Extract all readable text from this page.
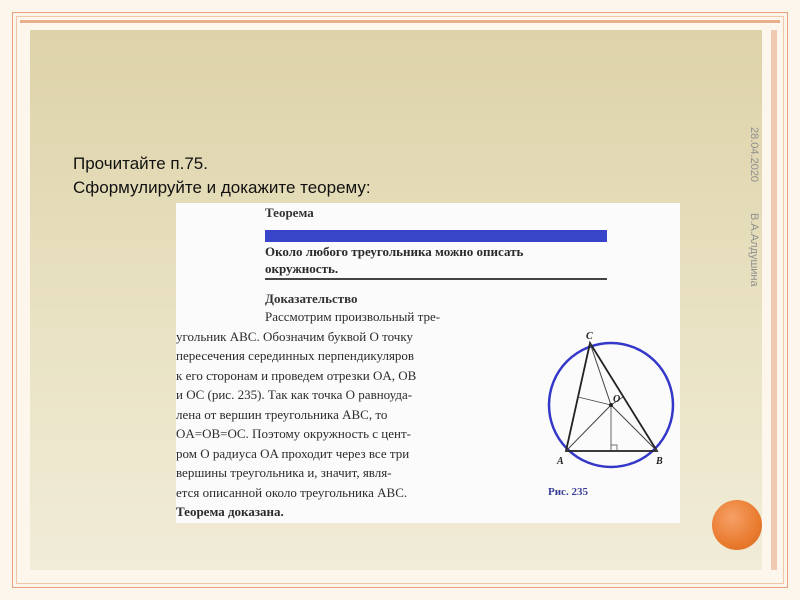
28.04.2020
В.А.Алдушина
Прочитайте п.75.
Сформулируйте и докажите теорему:
Теорема
Около любого треугольника можно описать
окружность.
Доказательство
Рассмотрим произвольный тре-
угольник ABC. Обозначим буквой O точку
пересечения серединных перпендикуляров
к его сторонам и проведем отрезки OA, OB
и OC (рис. 235). Так как точка O равноуда-
лена от вершин треугольника ABC, то
OA=OB=OC. Поэтому окружность с цент-
ром O радиуса OA проходит через все три
вершины треугольника и, значит, явля-
ется описанной около треугольника ABC.
Теорема доказана.
C
O
A	B
Рис. 235
